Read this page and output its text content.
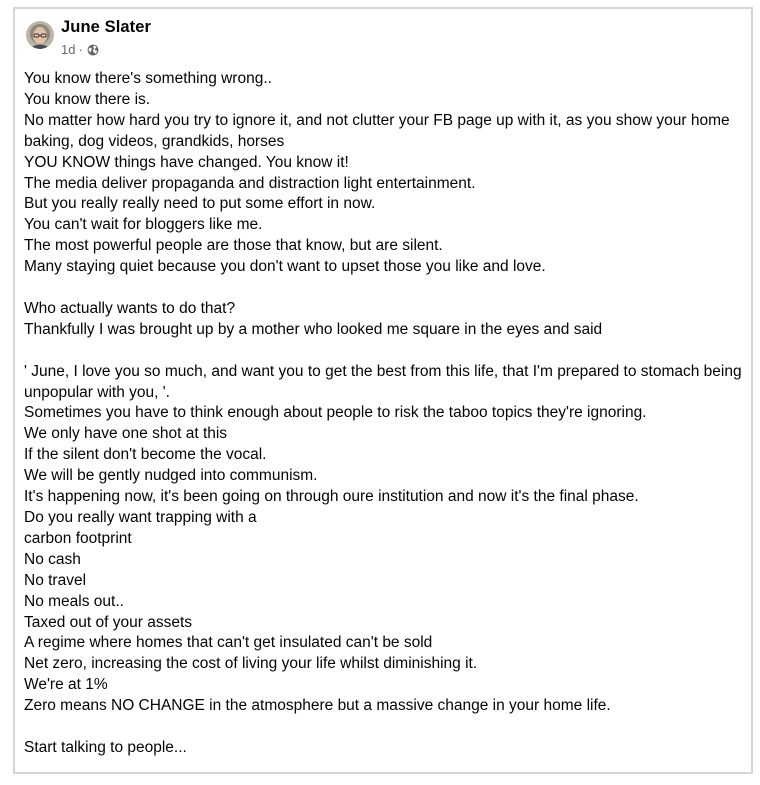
June Slater
1d ·
You know there's something wrong..
You know there is.
No matter how hard you try to ignore it, and not clutter your FB page up with it, as you show your home baking, dog videos, grandkids, horses
YOU KNOW things have changed. You know it!
The media deliver propaganda and distraction light entertainment.
But you really really need to put some effort in now.
You can't wait for bloggers like me.
The most powerful people are those that know, but are silent.
Many staying quiet because you don't want to upset those you like and love.
Who actually wants to do that?
Thankfully I was brought up by a mother who looked me square in the eyes and said
' June, I love you so much, and want you to get the best from this life, that I'm prepared to stomach being unpopular with you, '.
Sometimes you have to think enough about people to risk the taboo topics they're ignoring.
We only have one shot at this
If the silent don't become the vocal.
We will be gently nudged into communism.
It's happening now, it's been going on through oure institution and now it's the final phase.
Do you really want trapping with a
carbon footprint
No cash
No travel
No meals out..
Taxed out of your assets
A regime where homes that can't get insulated can't be sold
Net zero, increasing the cost of living your life whilst diminishing it.
We're at 1%
Zero means NO CHANGE in the atmosphere but a massive change in your home life.
Start talking to people...
